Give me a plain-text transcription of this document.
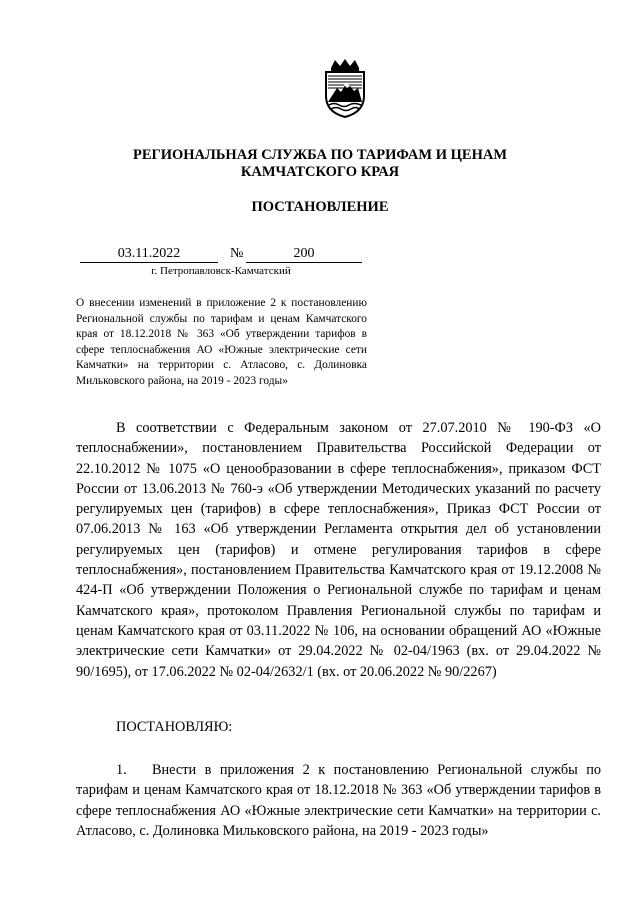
РЕГИОНАЛЬНАЯ СЛУЖБА ПО ТАРИФАМ И ЦЕНАМ
КАМЧАТСКОГО КРАЯ
ПОСТАНОВЛЕНИЕ
03.11.2022	№	200
г. Петропавловск-Камчатский
О внесении изменений в приложение 2 к постановлению Региональной службы по тарифам и ценам Камчатского края от 18.12.2018 № 363 «Об утверждении тарифов в сфере теплоснабжения АО «Южные электрические сети Камчатки» на территории с. Атласово, с. Долиновка Мильковского района, на 2019 - 2023 годы»
В соответствии с Федеральным законом от 27.07.2010 № 190-ФЗ «О теплоснабжении», постановлением Правительства Российской Федерации от 22.10.2012 № 1075 «О ценообразовании в сфере теплоснабжения», приказом ФСТ России от 13.06.2013 № 760-э «Об утверждении Методических указаний по расчету регулируемых цен (тарифов) в сфере теплоснабжения», Приказ ФСТ России от 07.06.2013 № 163 «Об утверждении Регламента открытия дел об установлении регулируемых цен (тарифов) и отмене регулирования тарифов в сфере теплоснабжения», постановлением Правительства Камчатского края от 19.12.2008 № 424-П «Об утверждении Положения о Региональной службе по тарифам и ценам Камчатского края», протоколом Правления Региональной службы по тарифам и ценам Камчатского края от 03.11.2022 № 106, на основании обращений АО «Южные электрические сети Камчатки» от 29.04.2022 № 02-04/1963 (вх. от 29.04.2022 № 90/1695), от 17.06.2022 № 02-04/2632/1 (вх. от 20.06.2022 № 90/2267)
ПОСТАНОВЛЯЮ:
1. Внести в приложения 2 к постановлению Региональной службы по тарифам и ценам Камчатского края от 18.12.2018 № 363 «Об утверждении тарифов в сфере теплоснабжения АО «Южные электрические сети Камчатки» на территории с. Атласово, с. Долиновка Мильковского района, на 2019 - 2023 годы»
